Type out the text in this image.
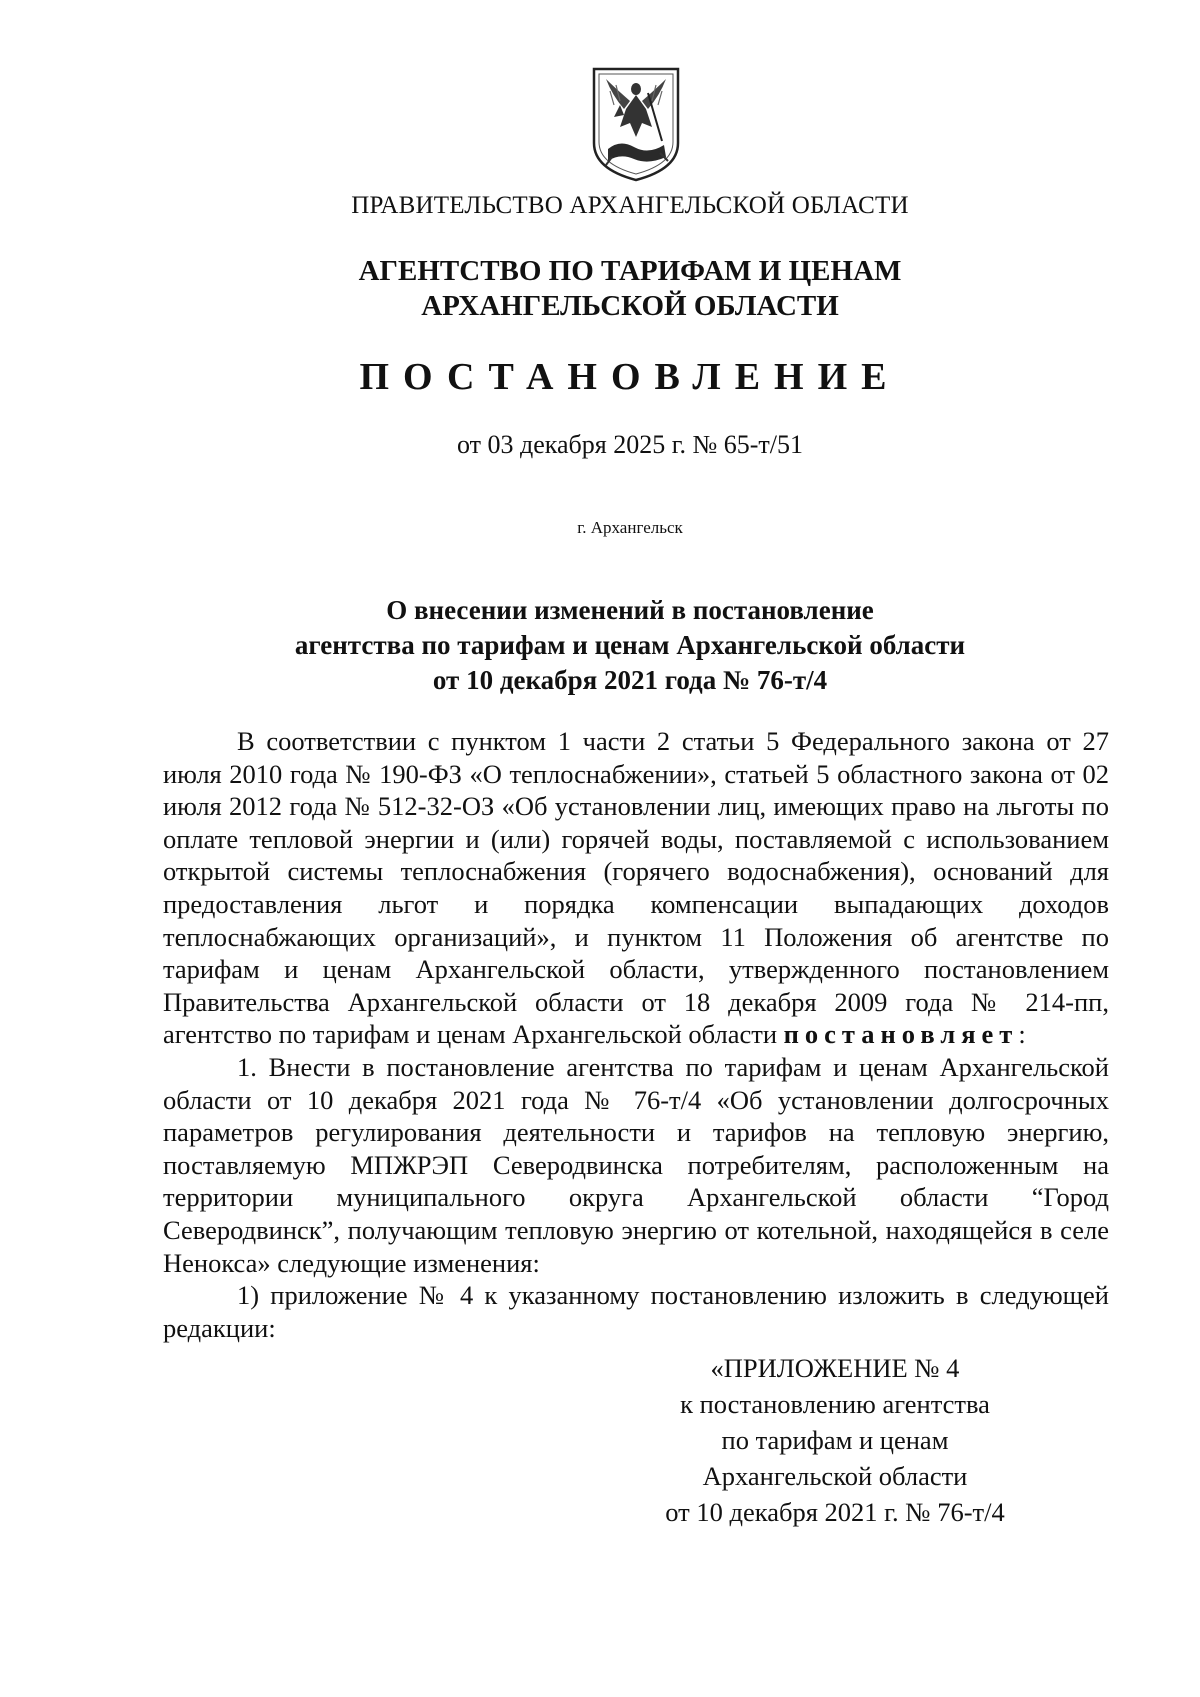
ПРАВИТЕЛЬСТВО АРХАНГЕЛЬСКОЙ ОБЛАСТИ
АГЕНТСТВО ПО ТАРИФАМ И ЦЕНАМ
АРХАНГЕЛЬСКОЙ ОБЛАСТИ
ПОСТАНОВЛЕНИЕ
от 03 декабря 2025 г. № 65-т/51
г. Архангельск
О внесении изменений в постановление
агентства по тарифам и ценам Архангельской области
от 10 декабря 2021 года № 76-т/4

В соответствии с пунктом 1 части 2 статьи 5 Федерального закона от 27 июля 2010 года № 190-ФЗ «О теплоснабжении», статьей 5 областного закона от 02 июля 2012 года № 512-32-ОЗ «Об установлении лиц, имеющих право на льготы по оплате тепловой энергии и (или) горячей воды, поставляемой с использованием открытой системы теплоснабжения (горячего водоснабжения), оснований для предоставления льгот и порядка компенсации выпадающих доходов теплоснабжающих организаций», и пунктом 11 Положения об агентстве по тарифам и ценам Архангельской области, утвержденного постановлением Правительства Архангельской области от 18 декабря 2009 года № 214-пп, агентство по тарифам и ценам Архангельской области постановляет:

1. Внести в постановление агентства по тарифам и ценам Архангельской области от 10 декабря 2021 года № 76-т/4 «Об установлении долгосрочных параметров регулирования деятельности и тарифов на тепловую энергию, поставляемую МПЖРЭП Северодвинска потребителям, расположенным на территории муниципального округа Архангельской области “Город Северодвинск”, получающим тепловую энергию от котельной, находящейся в селе Ненокса» следующие изменения:

1) приложение № 4 к указанному постановлению изложить в следующей редакции:

«ПРИЛОЖЕНИЕ № 4
к постановлению агентства
по тарифам и ценам
Архангельской области
от 10 декабря 2021 г. № 76-т/4
